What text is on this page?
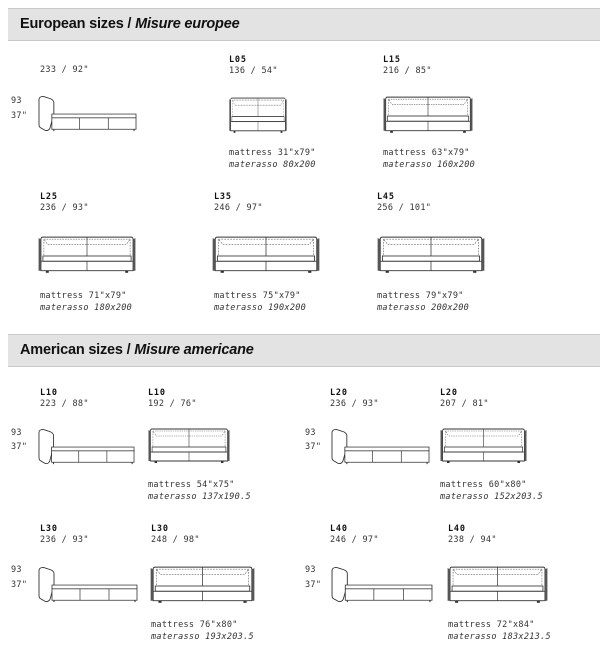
European sizes / Misure europee
233 / 92"
93
37"
L05
136 / 54"
mattress 31"x79"
materasso 80x200
L15
216 / 85"
mattress 63"x79"
materasso 160x200
L25
236 / 93"
mattress 71"x79"
materasso 180x200
L35
246 / 97"
mattress 75"x79"
materasso 190x200
L45
256 / 101"
mattress 79"x79"
materasso 200x200
American sizes / Misure americane
L10
223 / 88"
93
37"
L10
192 / 76"
mattress 54"x75"
materasso 137x190.5
L20
236 / 93"
93
37"
L20
207 / 81"
mattress 60"x80"
materasso 152x203.5
L30
236 / 93"
93
37"
L30
248 / 98"
mattress 76"x80"
materasso 193x203.5
L40
246 / 97"
93
37"
L40
238 / 94"
mattress 72"x84"
materasso 183x213.5
